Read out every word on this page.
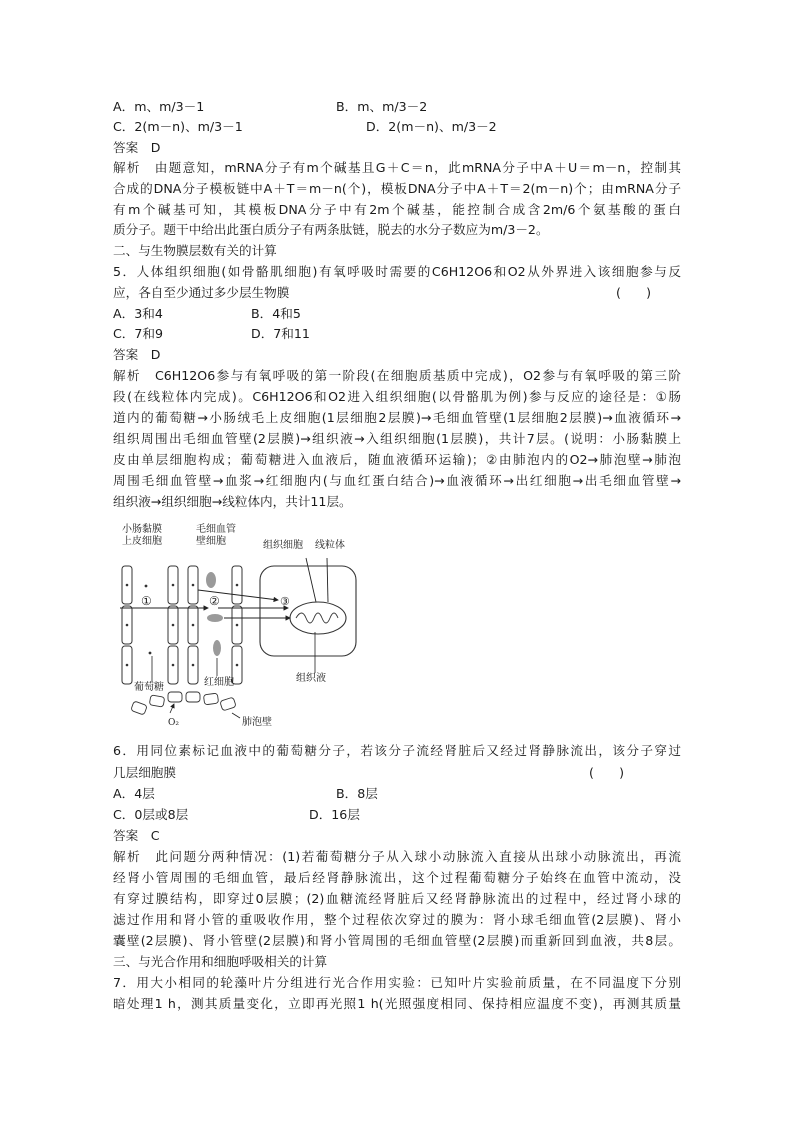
A．m、m/3－1	B．m、m/3－2
C．2(m－n)、m/3－1	D．2(m－n)、m/3－2
答案　D
解析　由题意知，mRNA分子有m个碱基且G＋C＝n，此mRNA分子中A＋U＝m－n，控制其
合成的DNA分子模板链中A＋T＝m－n(个)，模板DNA分子中A＋T＝2(m－n)个；由mRNA分子
有m个碱基可知，其模板DNA分子中有2m个碱基，能控制合成含2m/6个氨基酸的蛋白
质分子。题干中给出此蛋白质分子有两条肽链，脱去的水分子数应为m/3－2。
二、与生物膜层数有关的计算
5．人体组织细胞(如骨骼肌细胞)有氧呼吸时需要的C6H12O6和O2从外界进入该细胞参与反
应，各自至少通过多少层生物膜	(　　)
A．3和4	B．4和5
C．7和9	D．7和11
答案　D
解析　C6H12O6参与有氧呼吸的第一阶段(在细胞质基质中完成)，O2参与有氧呼吸的第三阶
段(在线粒体内完成)。C6H12O6和O2进入组织细胞(以骨骼肌为例)参与反应的途径是：①肠
道内的葡萄糖→小肠绒毛上皮细胞(1层细胞2层膜)→毛细血管壁(1层细胞2层膜)→血液循环→
组织周围出毛细血管壁(2层膜)→组织液→入组织细胞(1层膜)，共计7层。(说明：小肠黏膜上
皮由单层细胞构成；葡萄糖进入血液后，随血液循环运输)；②由肺泡内的O2→肺泡壁→肺泡
周围毛细血管壁→血浆→红细胞内(与血红蛋白结合)→血液循环→出红细胞→出毛细血管壁→
组织液→组织细胞→线粒体内，共计11层。
小肠黏膜
上皮细胞
毛细血管
壁细胞	组织细胞 线粒体
①	②	③
组织液
葡萄糖	红细胞
O₂	肺泡壁
6．用同位素标记血液中的葡萄糖分子，若该分子流经肾脏后又经过肾静脉流出，该分子穿过
几层细胞膜	(　　)
A．4层	B．8层
C．0层或8层	D．16层
答案　C
解析　此问题分两种情况：(1)若葡萄糖分子从入球小动脉流入直接从出球小动脉流出，再流
经肾小管周围的毛细血管，最后经肾静脉流出，这个过程葡萄糖分子始终在血管中流动，没
有穿过膜结构，即穿过0层膜；(2)血糖流经肾脏后又经肾静脉流出的过程中，经过肾小球的
滤过作用和肾小管的重吸收作用，整个过程依次穿过的膜为：肾小球毛细血管(2层膜)、肾小
囊壁(2层膜)、肾小管壁(2层膜)和肾小管周围的毛细血管壁(2层膜)而重新回到血液，共8层。
三、与光合作用和细胞呼吸相关的计算
7．用大小相同的轮藻叶片分组进行光合作用实验：已知叶片实验前质量，在不同温度下分别
暗处理1 h，测其质量变化，立即再光照1 h(光照强度相同、保持相应温度不变)，再测其质量
